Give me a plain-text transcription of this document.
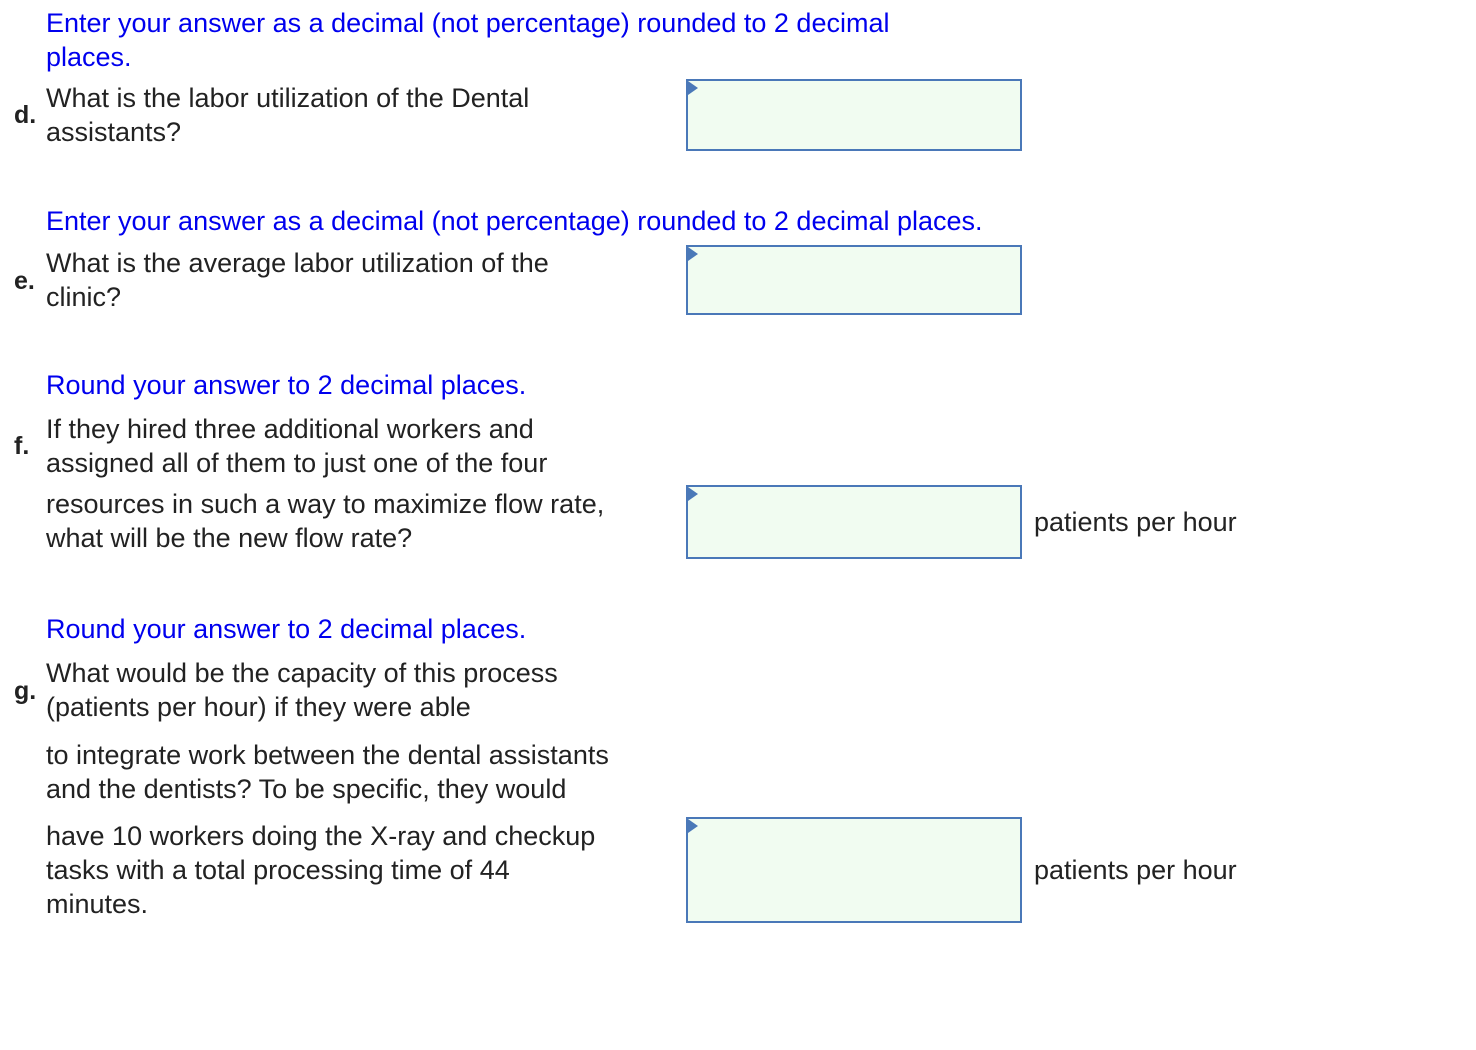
Enter your answer as a decimal (not percentage) rounded to 2 decimal
places.
d.
What is the labor utilization of the Dental
assistants?
Enter your answer as a decimal (not percentage) rounded to 2 decimal places.
e.
What is the average labor utilization of the
clinic?
Round your answer to 2 decimal places.
f.
If they hired three additional workers and
assigned all of them to just one of the four
resources in such a way to maximize flow rate,
what will be the new flow rate?
patients per hour
Round your answer to 2 decimal places.
g.
What would be the capacity of this process
(patients per hour) if they were able
to integrate work between the dental assistants
and the dentists? To be specific, they would
have 10 workers doing the X-ray and checkup
tasks with a total processing time of 44
minutes.
patients per hour
